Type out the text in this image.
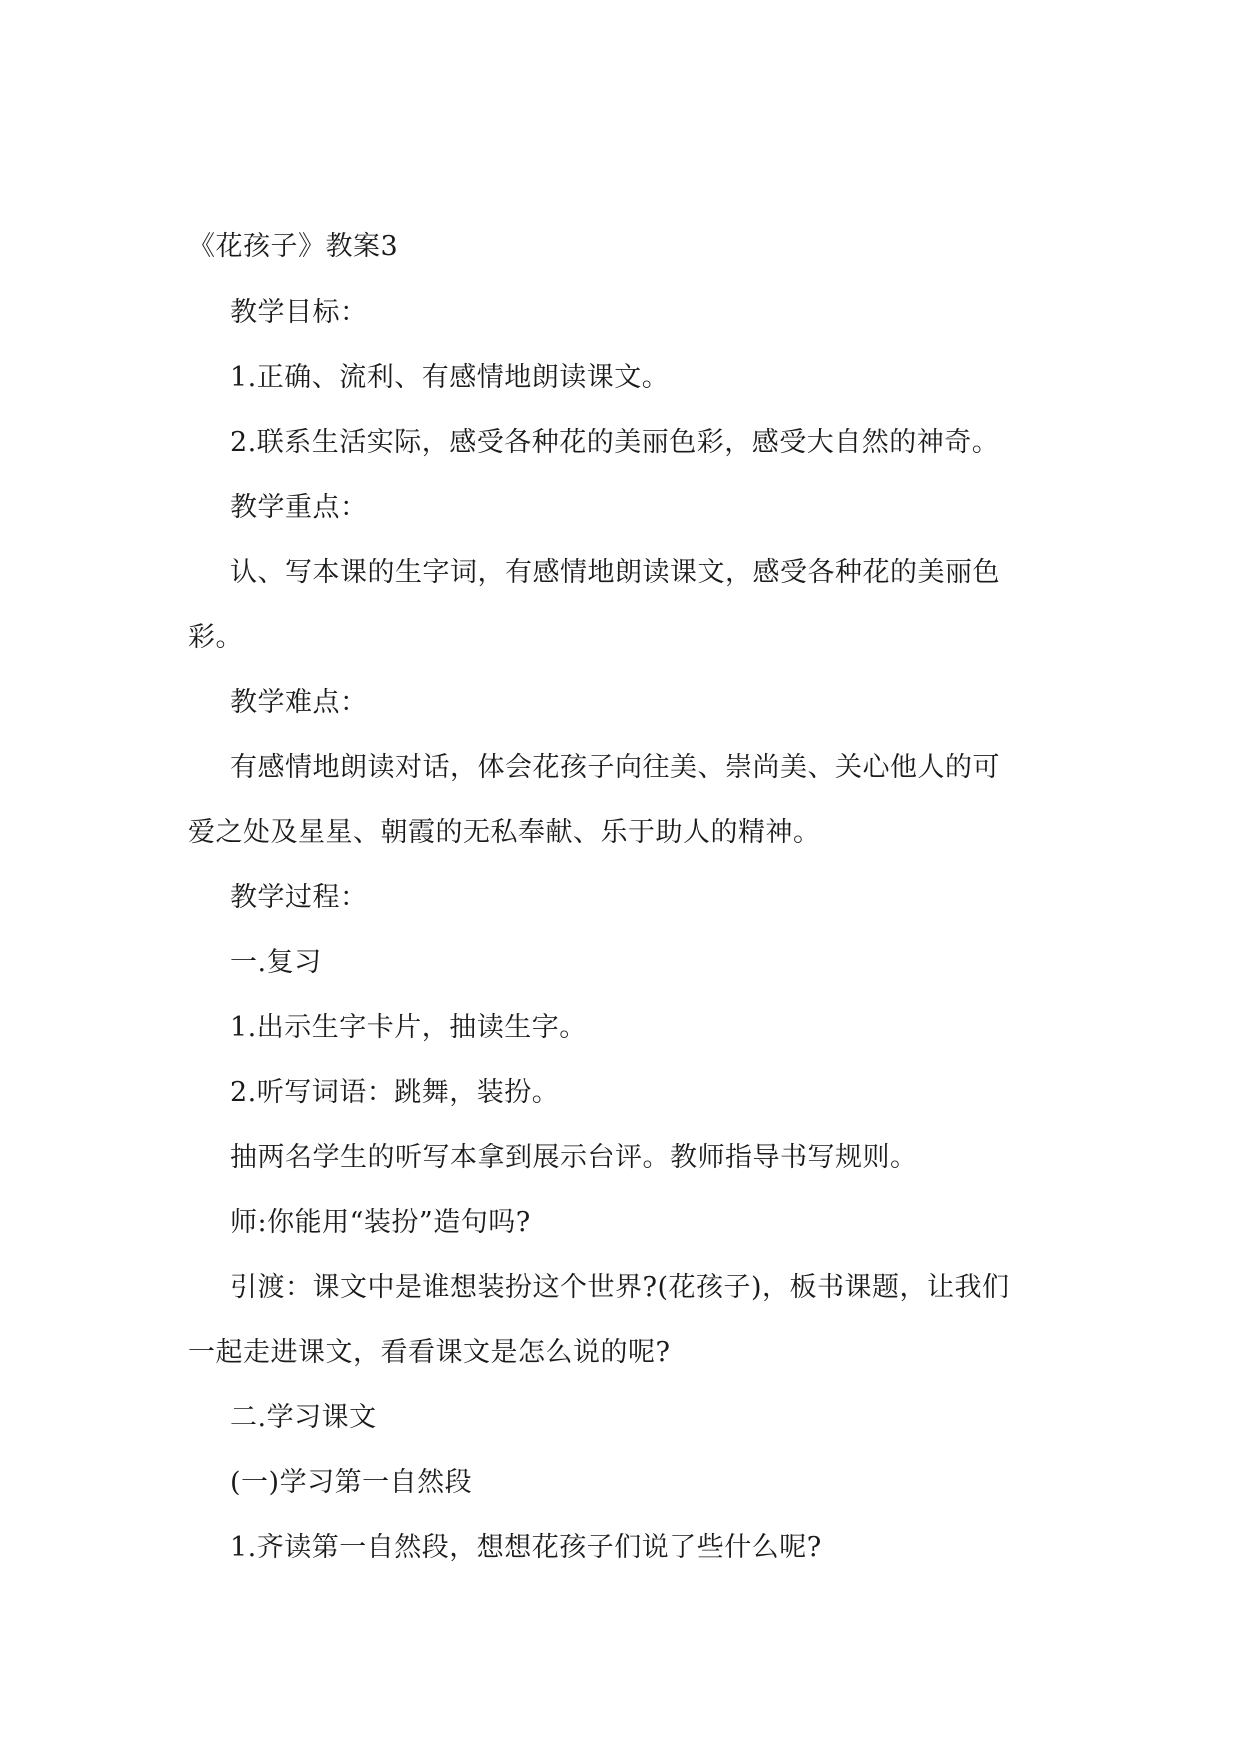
《花孩子》教案3
教学目标：
1.正确、流利、有感情地朗读课文。
2.联系生活实际，感受各种花的美丽色彩，感受大自然的神奇。
教学重点：
认、写本课的生字词，有感情地朗读课文，感受各种花的美丽色
彩。
教学难点：
有感情地朗读对话，体会花孩子向往美、崇尚美、关心他人的可
爱之处及星星、朝霞的无私奉献、乐于助人的精神。
教学过程：
一.复习
1.出示生字卡片，抽读生字。
2.听写词语：跳舞，装扮。
抽两名学生的听写本拿到展示台评。教师指导书写规则。
师:你能用“装扮”造句吗?
引渡：课文中是谁想装扮这个世界?(花孩子)，板书课题，让我们
一起走进课文，看看课文是怎么说的呢?
二.学习课文
(一)学习第一自然段
1.齐读第一自然段，想想花孩子们说了些什么呢?
